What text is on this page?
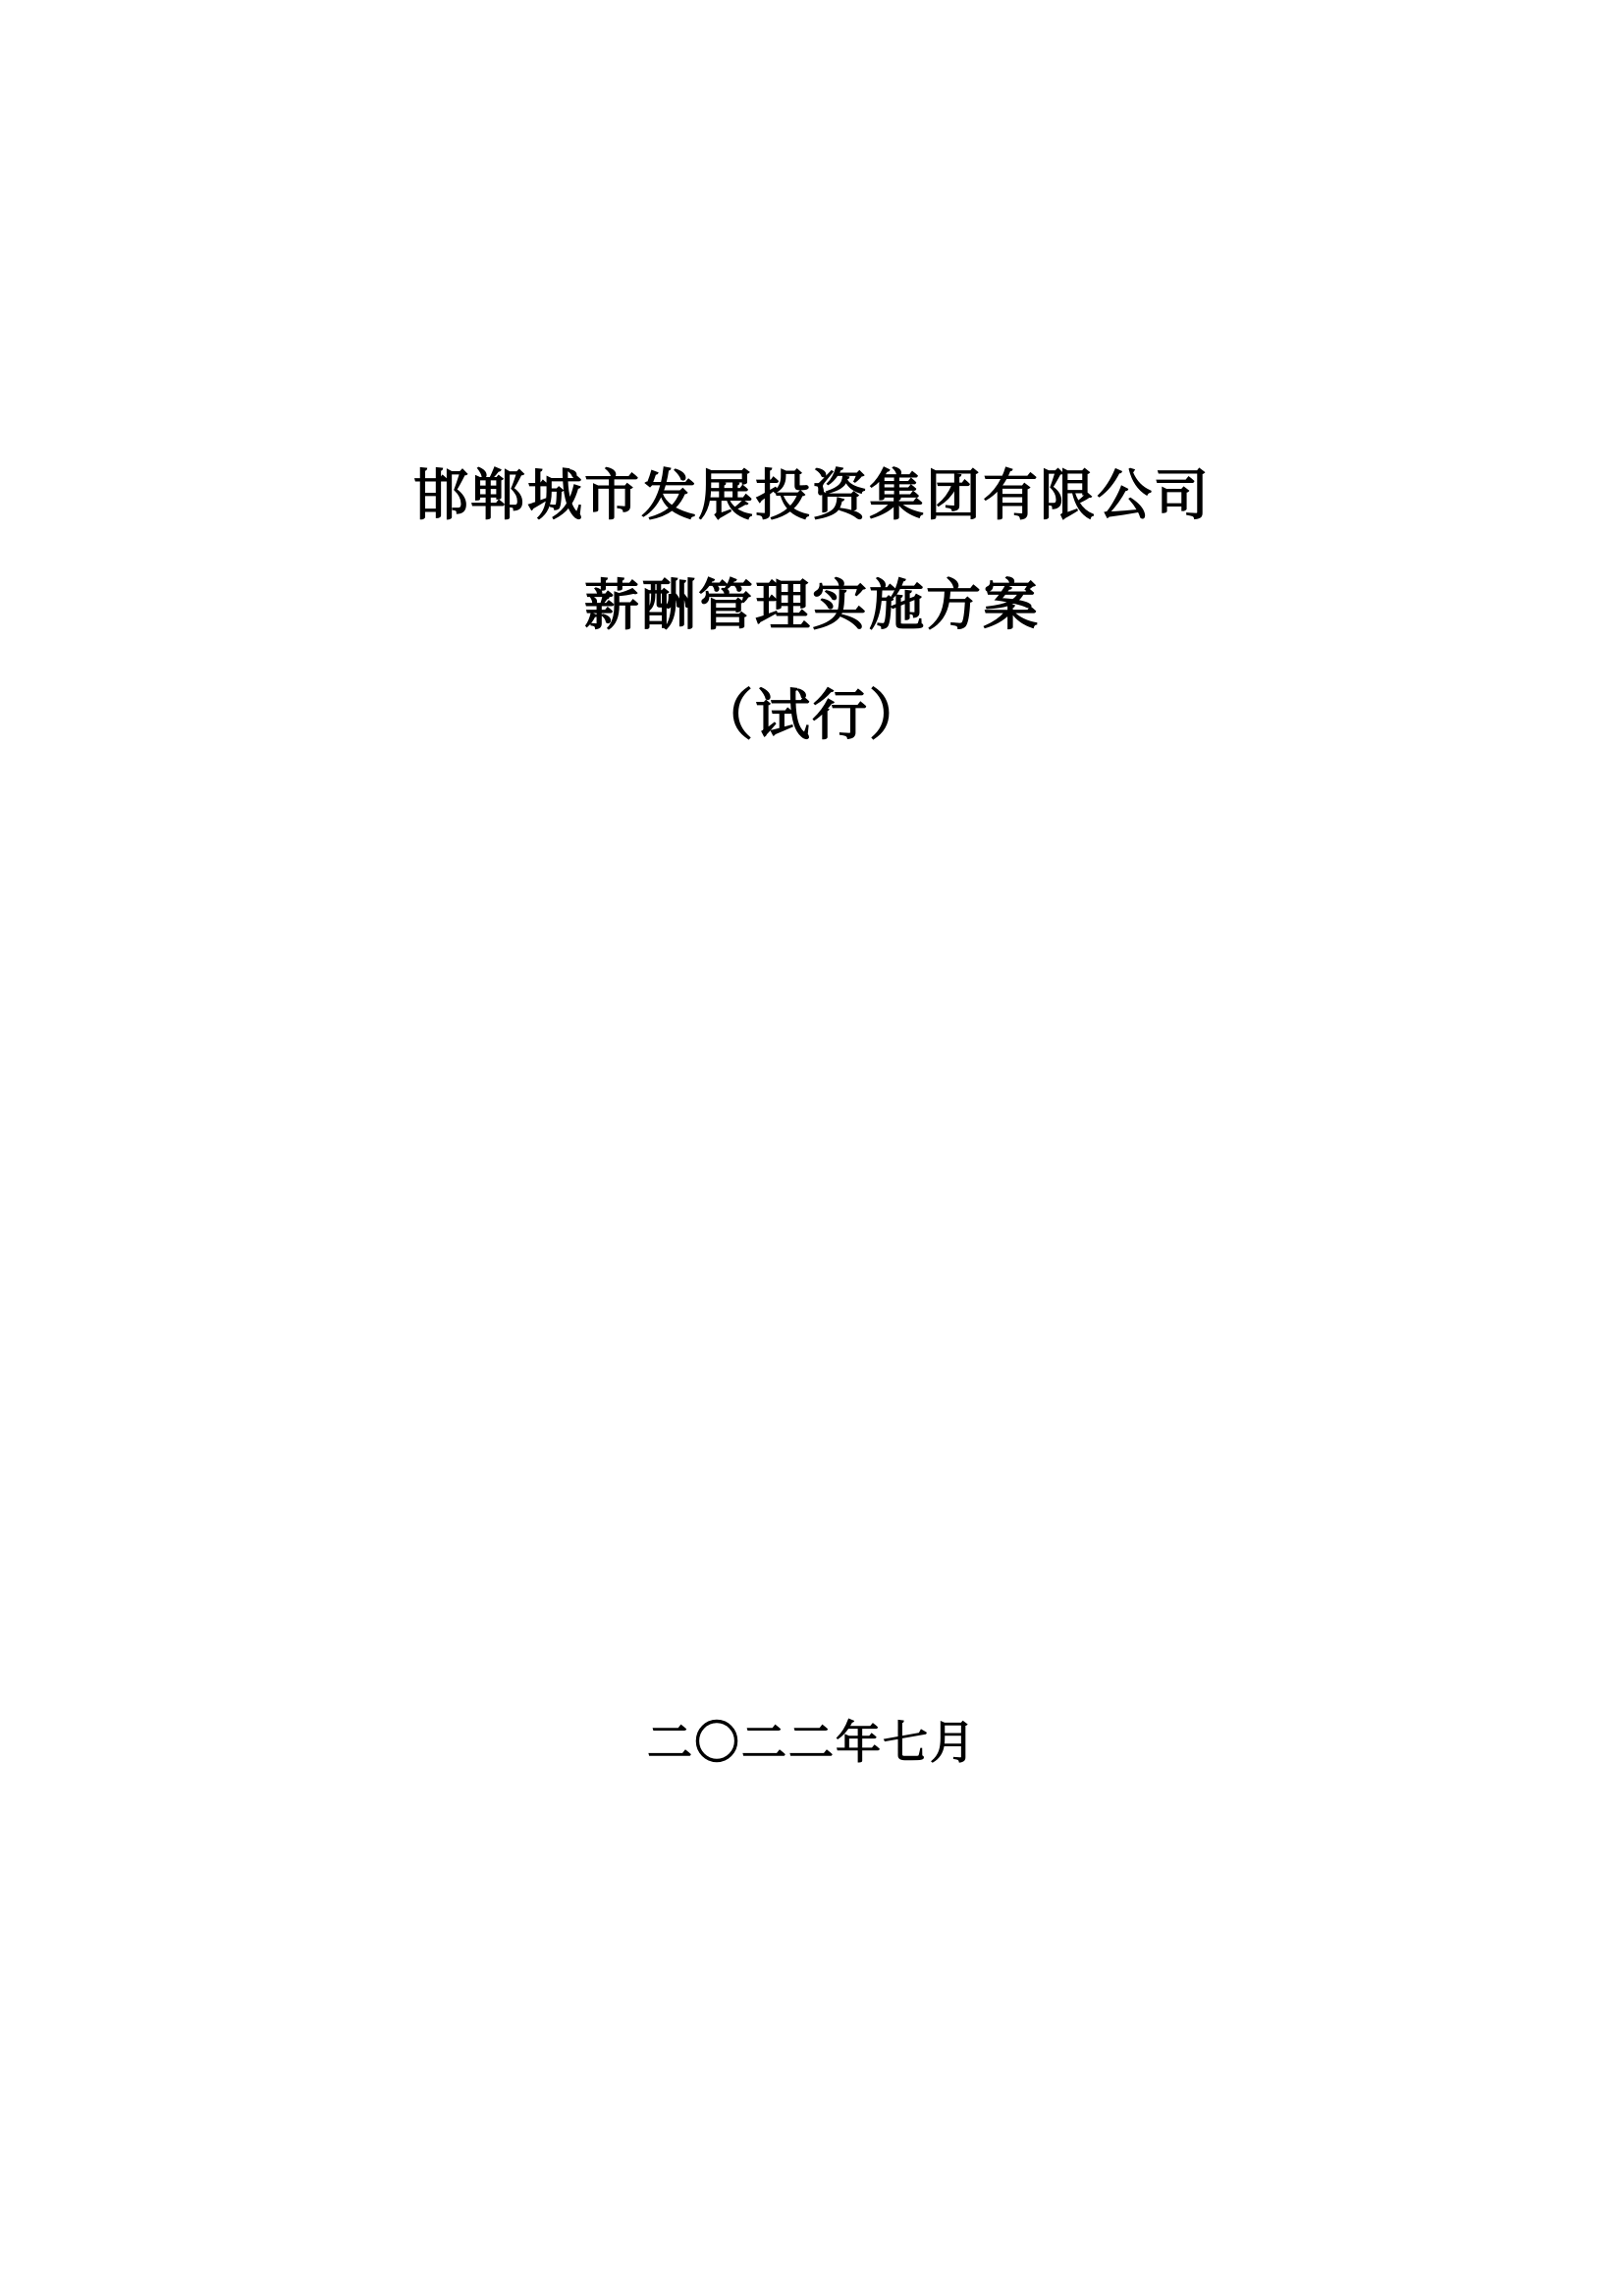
邯郸城市发展投资集团有限公司
薪酬管理实施方案
（试行）
二〇二二年七月
